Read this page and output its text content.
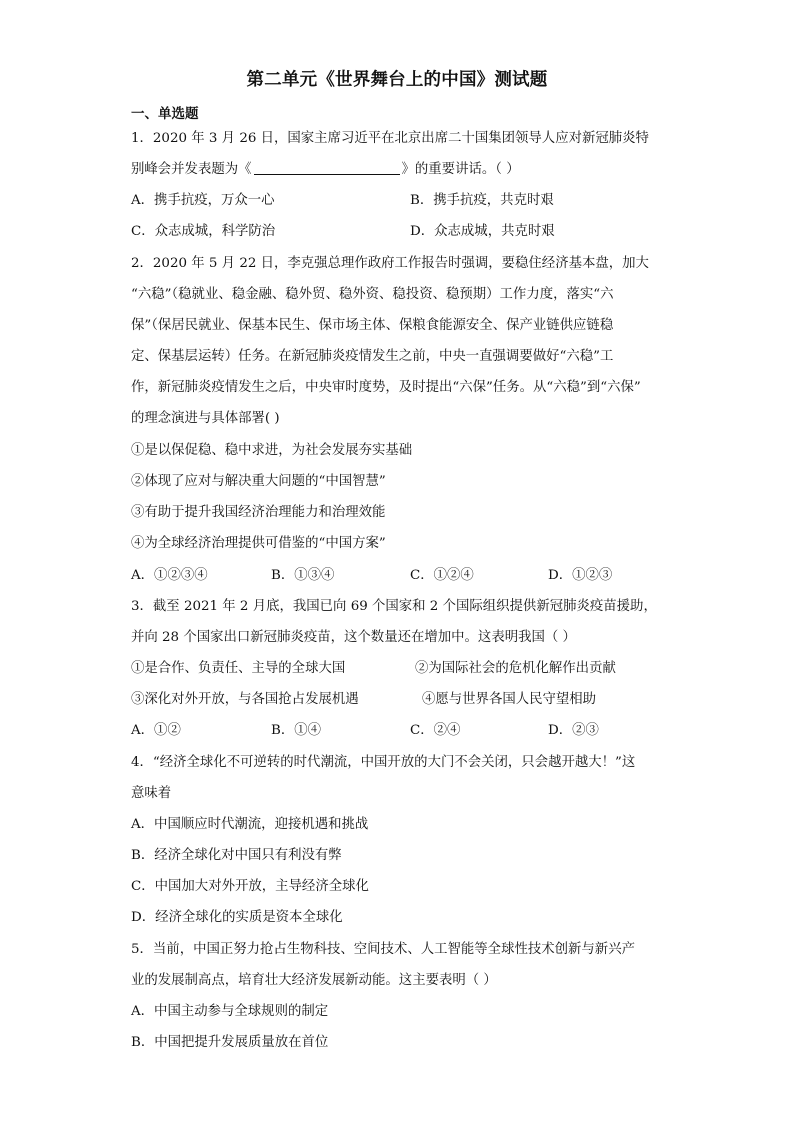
第二单元《世界舞台上的中国》测试题
一、单选题
1．2020 年 3 月 26 日，国家主席习近平在北京出席二十国集团领导人应对新冠肺炎特
别峰会并发表题为《	》的重要讲话。（ ）
A．携手抗疫，万众一心	B．携手抗疫，共克时艰
C．众志成城，科学防治	D．众志成城，共克时艰
2．2020 年 5 月 22 日，李克强总理作政府工作报告时强调，要稳住经济基本盘，加大
“六稳”（稳就业、稳金融、稳外贸、稳外资、稳投资、稳预期）工作力度，落实“六
保”（保居民就业、保基本民生、保市场主体、保粮食能源安全、保产业链供应链稳
定、保基层运转）任务。在新冠肺炎疫情发生之前，中央一直强调要做好“六稳”工
作，新冠肺炎疫情发生之后，中央审时度势，及时提出“六保”任务。从“六稳”到“六保”
的理念演进与具体部署( )
①是以保促稳、稳中求进，为社会发展夯实基础
②体现了应对与解决重大问题的“中国智慧”
③有助于提升我国经济治理能力和治理效能
④为全球经济治理提供可借鉴的“中国方案”
A．①②③④	B．①③④	C．①②④	D．①②③
3．截至 2021 年 2 月底，我国已向 69 个国家和 2 个国际组织提供新冠肺炎疫苗援助，
并向 28 个国家出口新冠肺炎疫苗，这个数量还在增加中。这表明我国（ ）
①是合作、负责任、主导的全球大国	②为国际社会的危机化解作出贡献
③深化对外开放，与各国抢占发展机遇	④愿与世界各国人民守望相助
A．①②	B．①④	C．②④	D．②③
4．“经济全球化不可逆转的时代潮流，中国开放的大门不会关闭，只会越开越大！”这
意味着
A．中国顺应时代潮流，迎接机遇和挑战
B．经济全球化对中国只有利没有弊
C．中国加大对外开放，主导经济全球化
D．经济全球化的实质是资本全球化
5．当前，中国正努力抢占生物科技、空间技术、人工智能等全球性技术创新与新兴产
业的发展制高点，培育壮大经济发展新动能。这主要表明（ ）
A．中国主动参与全球规则的制定
B．中国把提升发展质量放在首位
